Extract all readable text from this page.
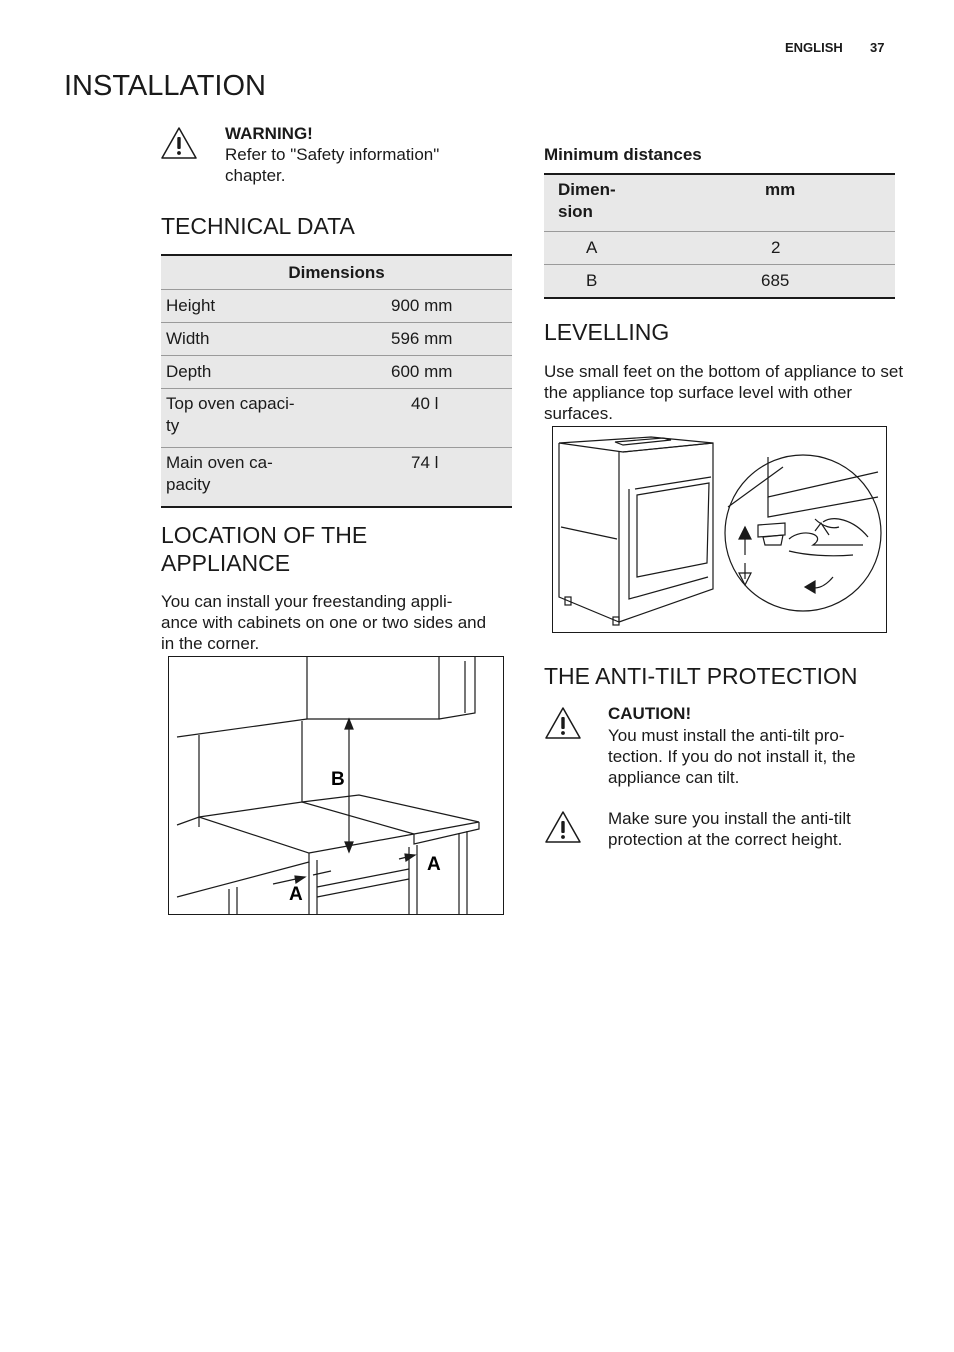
ENGLISH 37
INSTALLATION

WARNING!

Refer to "Safety information" chapter.

TECHNICAL DATA
Dimensions	
Height	900 mm
Width	596 mm
Depth	600 mm
Top oven capaci-
ty	40 l
Main oven ca-
pacity	74 l
LOCATION OF THE APPLIANCE

You can install your freestanding appli- ance with cabinets on one or two sides and in the corner.

B
A
A

Minimum distances

Dimen-
sion	mm
A	2
B	685
LEVELLING

Use small feet on the bottom of appliance to set the appliance top surface level with other surfaces.

THE ANTI-TILT PROTECTION

CAUTION!

You must install the anti-tilt pro- tection. If you do not install it, the appliance can tilt.

Make sure you install the anti-tilt protection at the correct height.
